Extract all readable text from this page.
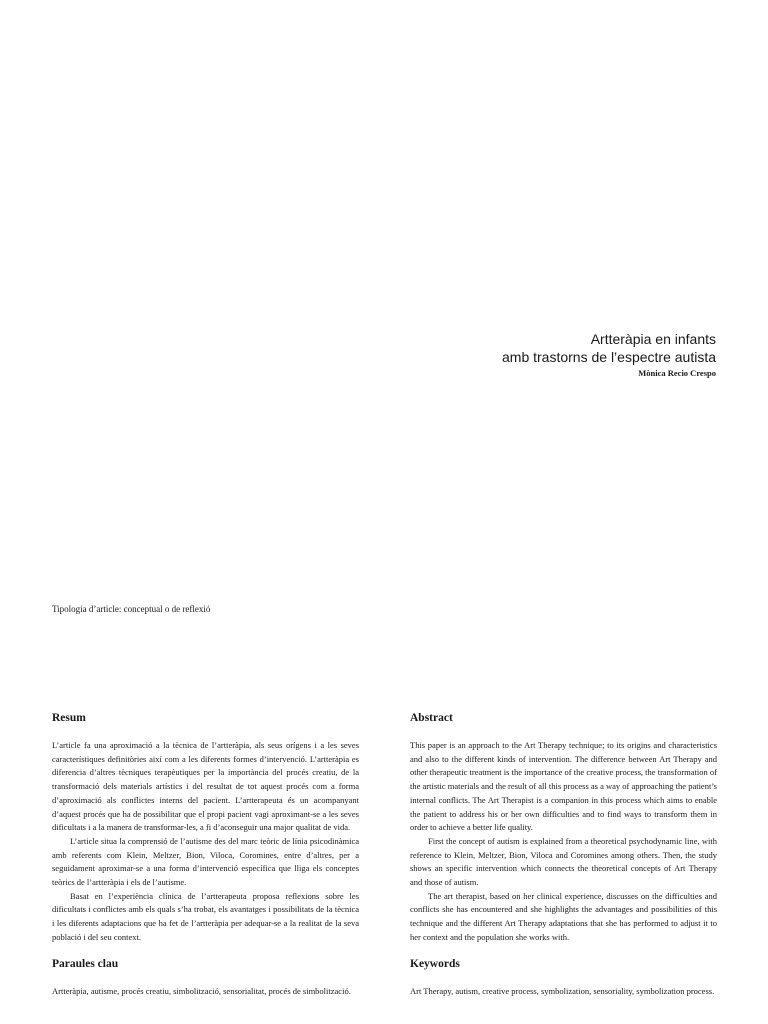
Artteràpia en infants
amb trastorns de l’espectre autista
Mònica Recio Crespo
Tipologia d’article: conceptual o de reflexió
Resum

L’article fa una aproximació a la tècnica de l’artteràpia, als seus orígens i a les seves característiques definitòries així com a les diferents formes d’intervenció. L’artteràpia es diferencia d’altres tècniques terapèutiques per la importància del procés creatiu, de la transformació dels materials artístics i del resultat de tot aquest procés com a forma d’aproximació als conflictes interns del pacient. L’artterapeuta és un acompanyant d’aquest procés que ha de possibilitar que el propi pacient vagi aproximant-se a les seves dificultats i a la manera de transformar-les, a fi d’aconseguir una major qualitat de vida.

L’article situa la comprensió de l’autisme des del marc teòric de línia psicodinàmica amb referents com Klein, Meltzer, Bion, Viloca, Coromines, entre d’altres, per a seguidament aproximar-se a una forma d’intervenció específica que lliga els conceptes teòrics de l’artteràpia i els de l’autisme.

Basat en l’experiència clínica de l’artterapeuta proposa reflexions sobre les dificultats i conflictes amb els quals s’ha trobat, els avantatges i possibilitats de la tècnica i les diferents adaptacions que ha fet de l’artteràpia per adequar-se a la realitat de la seva població i del seu context.

Paraules clau

Artteràpia, autisme, procés creatiu, simbolització, sensorialitat, procés de simbolització.

Abstract

This paper is an approach to the Art Therapy technique; to its origins and characteristics and also to the different kinds of intervention. The difference between Art Therapy and other therapeutic treatment is the importance of the creative process, the transformation of the artistic materials and the result of all this process as a way of approaching the patient’s internal conflicts. The Art Therapist is a companion in this process which aims to enable the patient to address his or her own difficulties and to find ways to transform them in order to achieve a better life quality.

First the concept of autism is explained from a theoretical psychodynamic line, with reference to Klein, Meltzer, Bion, Viloca and Coromines among others. Then, the study shows an specific intervention which connects the theoretical concepts of Art Therapy and those of autism.

The art therapist, based on her clinical experience, discusses on the difficulties and conflicts she has encountered and she highlights the advantages and possibilities of this technique and the different Art Therapy adaptations that she has performed to adjust it to her context and the population she works with.

Keywords

Art Therapy, autism, creative process, symbolization, sensoriality, symbolization process.
